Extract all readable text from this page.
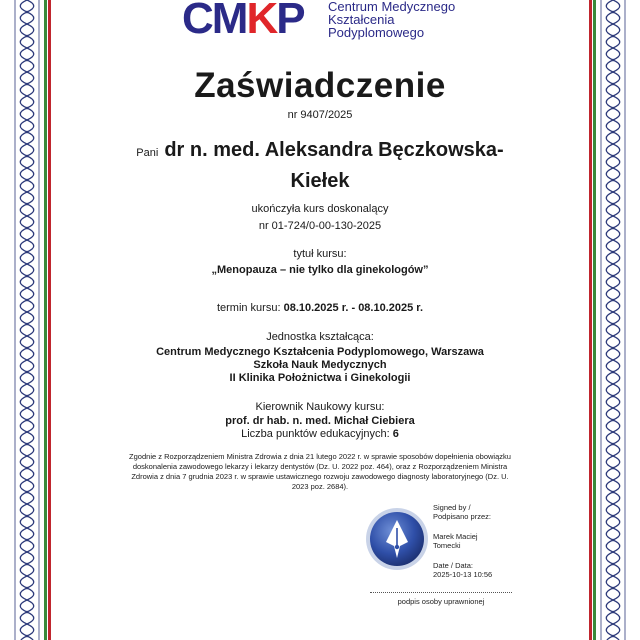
CMKP Centrum Medycznego
Kształcenia
Podyplomowego
Zaświadczenie
nr 9407/2025
Pani dr n. med. Aleksandra Bęczkowska-
Kiełek
ukończyła kurs doskonalący
nr 01-724/0-00-130-2025
tytuł kursu:
„Menopauza – nie tylko dla ginekologów”
termin kursu: 08.10.2025 r. - 08.10.2025 r.
Jednostka kształcąca:
Centrum Medycznego Kształcenia Podyplomowego, Warszawa
Szkoła Nauk Medycznych
II Klinika Położnictwa i Ginekologii
Kierownik Naukowy kursu:
prof. dr hab. n. med. Michał Ciebiera
Liczba punktów edukacyjnych: 6
Zgodnie z Rozporządzeniem Ministra Zdrowia z dnia 21 lutego 2022 r. w sprawie sposobów dopełnienia obowiązku doskonalenia zawodowego lekarzy i lekarzy dentystów (Dz. U. 2022 poz. 464), oraz z Rozporządzeniem Ministra Zdrowia z dnia 7 grudnia 2023 r. w sprawie ustawicznego rozwoju zawodowego diagnosty laboratoryjnego (Dz. U. 2023 poz. 2684).
Signed by /
Podpisano przez:
Marek Maciej
Tomecki
Date / Data:
2025-10-13 10:56
podpis osoby uprawnionej
